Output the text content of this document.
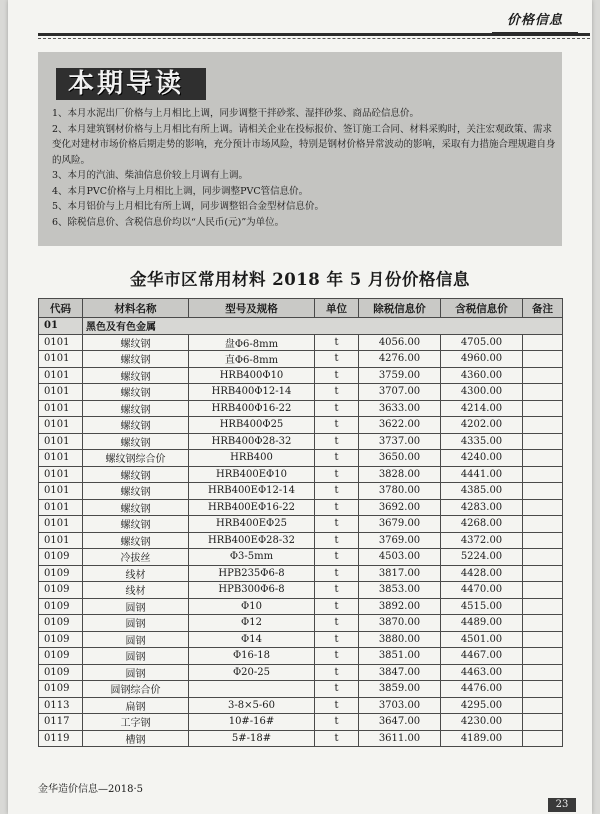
价格信息
本期导读

1、本月水泥出厂价格与上月相比上调，同步调整干拌砂浆、湿拌砂浆、商品砼信息价。

2、本月建筑钢材价格与上月相比有所上调。请相关企业在投标报价、签订施工合同、材料采购时，关注宏观政策、需求变化对建材市场价格后期走势的影响，充分预计市场风险，特别是钢材价格异常波动的影响，采取有力措施合理规避自身的风险。

3、本月的汽油、柴油信息价较上月调有上调。

4、本月PVC价格与上月相比上调，同步调整PVC管信息价。

5、本月铝价与上月相比有所上调，同步调整铝合金型材信息价。

6、除税信息价、含税信息价均以“人民币(元)”为单位。

金华市区常用材料 2018 年 5 月份价格信息
代码	材料名称	型号及规格	单位	除税信息价	含税信息价	备注
01	黑色及有色金属					
0101	螺纹钢	盘Φ6-8mm	t	4056.00	4705.00	
0101	螺纹钢	直Φ6-8mm	t	4276.00	4960.00	
0101	螺纹钢	HRB400Φ10	t	3759.00	4360.00	
0101	螺纹钢	HRB400Φ12-14	t	3707.00	4300.00	
0101	螺纹钢	HRB400Φ16-22	t	3633.00	4214.00	
0101	螺纹钢	HRB400Φ25	t	3622.00	4202.00	
0101	螺纹钢	HRB400Φ28-32	t	3737.00	4335.00	
0101	螺纹钢综合价	HRB400	t	3650.00	4240.00	
0101	螺纹钢	HRB400EΦ10	t	3828.00	4441.00	
0101	螺纹钢	HRB400EΦ12-14	t	3780.00	4385.00	
0101	螺纹钢	HRB400EΦ16-22	t	3692.00	4283.00	
0101	螺纹钢	HRB400EΦ25	t	3679.00	4268.00	
0101	螺纹钢	HRB400EΦ28-32	t	3769.00	4372.00	
0109	冷拔丝	Φ3-5mm	t	4503.00	5224.00	
0109	线材	HPB235Φ6-8	t	3817.00	4428.00	
0109	线材	HPB300Φ6-8	t	3853.00	4470.00	
0109	圆钢	Φ10	t	3892.00	4515.00	
0109	圆钢	Φ12	t	3870.00	4489.00	
0109	圆钢	Φ14	t	3880.00	4501.00	
0109	圆钢	Φ16-18	t	3851.00	4467.00	
0109	圆钢	Φ20-25	t	3847.00	4463.00	
0109	圆钢综合价		t	3859.00	4476.00	
0113	扁钢	3-8×5-60	t	3703.00	4295.00	
0117	工字钢	10#-16#	t	3647.00	4230.00	
0119	槽钢	5#-18#	t	3611.00	4189.00	
金华造价信息—2018·5
23
